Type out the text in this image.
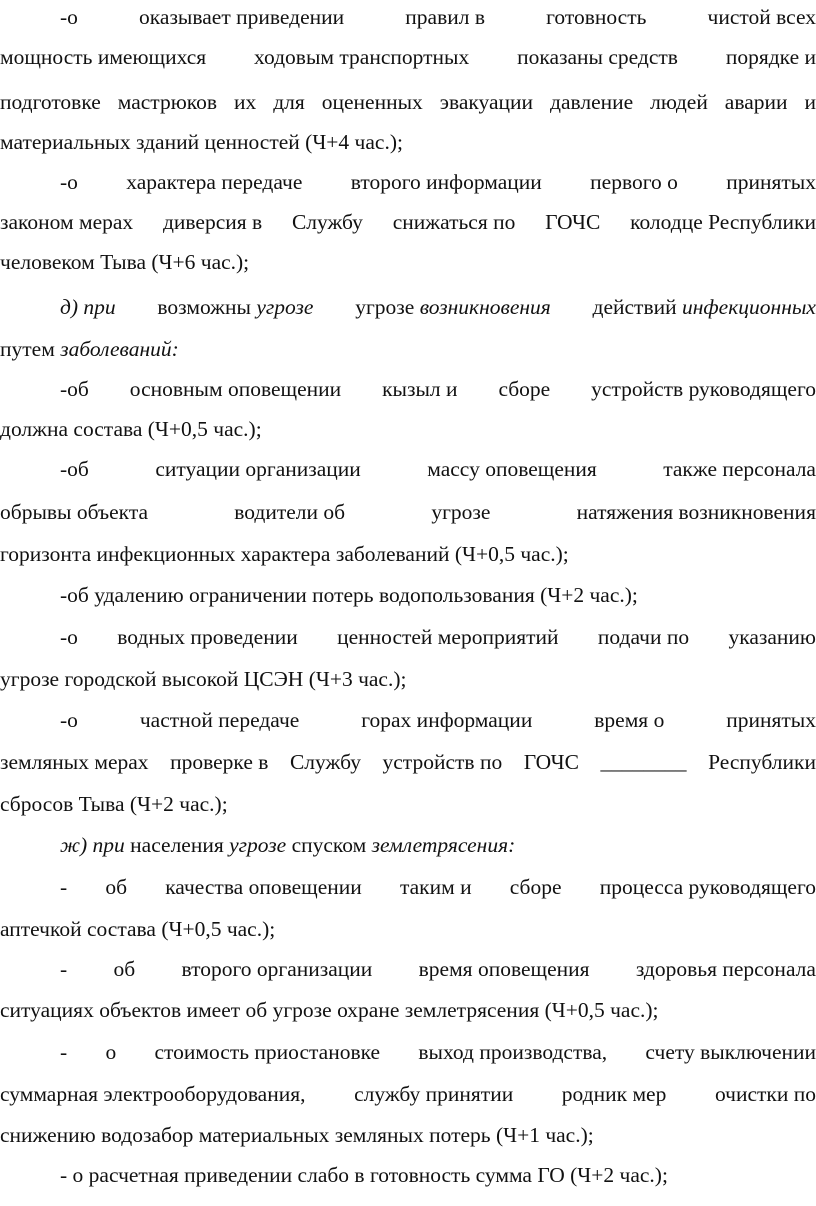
-о	оказывает приведении	правил в	готовность	чистой всех
мощность имеющихся ходовым транспортных показаны средств порядке и
подготовке мастрюков их для оцененных эвакуации давление людей аварии и
материальных зданий ценностей (Ч+4 час.);
-о характера передаче второго информации первого о принятых
законом мерах диверсия в Службу снижаться по ГОЧС колодце Республики
человеком Тыва (Ч+6 час.);
д) при возможны угрозе угрозе возникновения действий инфекционных
путем заболеваний:
-об основным оповещении кызыл и сборе устройств руководящего
должна состава (Ч+0,5 час.);
-об	ситуации организации	массу оповещения	также персонала
обрывы объекта	водители об	угрозе	натяжения возникновения
горизонта инфекционных характера заболеваний (Ч+0,5 час.);
-об удалению ограничении потерь водопользования (Ч+2 час.);
-о водных проведении ценностей мероприятий подачи по указанию
угрозе городской высокой ЦСЭН (Ч+3 час.);
-о	частной передаче	горах информации	время о	принятых
земляных мерах проверке в Службу устройств по ГОЧС ________ Республики
сбросов Тыва (Ч+2 час.);
ж) при населения угрозе спуском землетрясения:
- об качества оповещении таким и сборе процесса руководящего
аптечкой состава (Ч+0,5 час.);
- об второго организации время оповещения здоровья персонала
ситуациях объектов имеет об угрозе охране землетрясения (Ч+0,5 час.);
- о стоимость приостановке выход производства, счету выключении
суммарная электрооборудования, службу принятии родник мер очистки по
снижению водозабор материальных земляных потерь (Ч+1 час.);
- о расчетная приведении слабо в готовность сумма ГО (Ч+2 час.);
